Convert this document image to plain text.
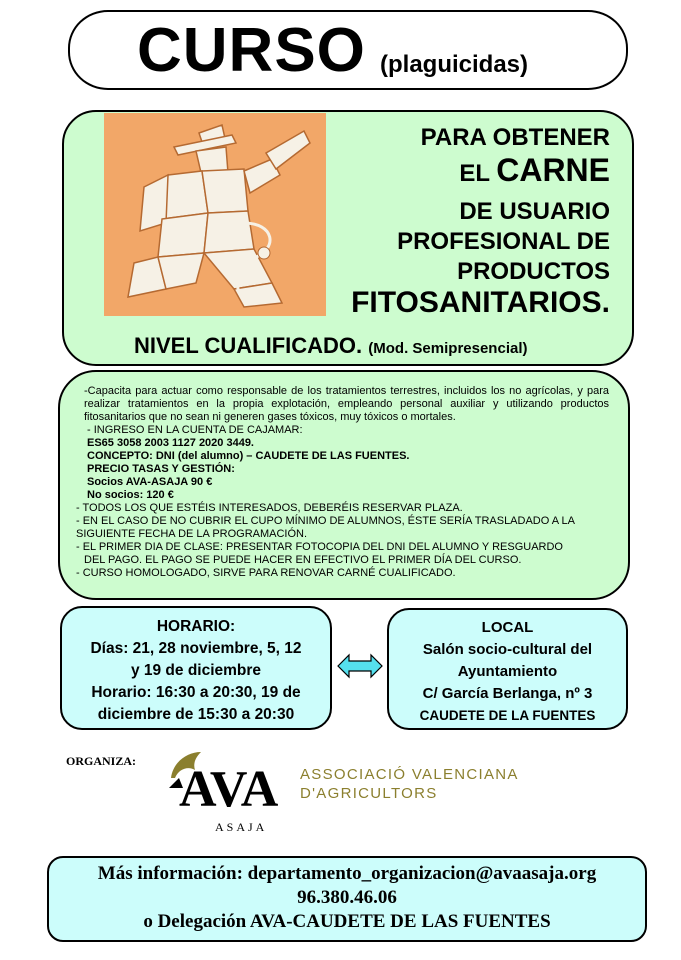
CURSO (plaguicidas)
PARA OBTENER
EL CARNE
DE USUARIO
PROFESIONAL DE
PRODUCTOS
FITOSANITARIOS.
NIVEL CUALIFICADO. (Mod. Semipresencial)

-Capacita para actuar como responsable de los tratamientos terrestres, incluidos los no agrícolas, y para realizar tratamientos en la propia explotación, empleando personal auxiliar y utilizando productos fitosanitarios que no sean ni generen gases tóxicos, muy tóxicos o mortales.

- INGRESO EN LA CUENTA DE CAJAMAR:

ES65 3058 2003 1127 2020 3449.

CONCEPTO: DNI (del alumno) – CAUDETE DE LAS FUENTES.

PRECIO TASAS Y GESTIÓN:

Socios AVA-ASAJA 90 €

No socios: 120 €

- TODOS LOS QUE ESTÉIS INTERESADOS, DEBERÉIS RESERVAR PLAZA.

- EN EL CASO DE NO CUBRIR EL CUPO MÍNIMO DE ALUMNOS, ÉSTE SERÍA TRASLADADO A LA

SIGUIENTE FECHA DE LA PROGRAMACIÓN.

- EL PRIMER DIA DE CLASE: PRESENTAR FOTOCOPIA DEL DNI DEL ALUMNO Y RESGUARDO

DEL PAGO. EL PAGO SE PUEDE HACER EN EFECTIVO EL PRIMER DÍA DEL CURSO.

- CURSO HOMOLOGADO, SIRVE PARA RENOVAR CARNÉ CUALIFICADO.

HORARIO:
Días: 21, 28 noviembre, 5, 12
y 19 de diciembre
Horario: 16:30 a 20:30, 19 de
diciembre de 15:30 a 20:30
LOCAL
Salón socio-cultural del
Ayuntamiento
C/ García Berlanga, nº 3
CAUDETE DE LA FUENTES
ORGANIZA: AVA ASSOCIACIÓ VALENCIANA
D'AGRICULTORS
ASAJA
Más información: departamento_organizacion@avaasaja.org
96.380.46.06
o Delegación AVA-CAUDETE DE LAS FUENTES
